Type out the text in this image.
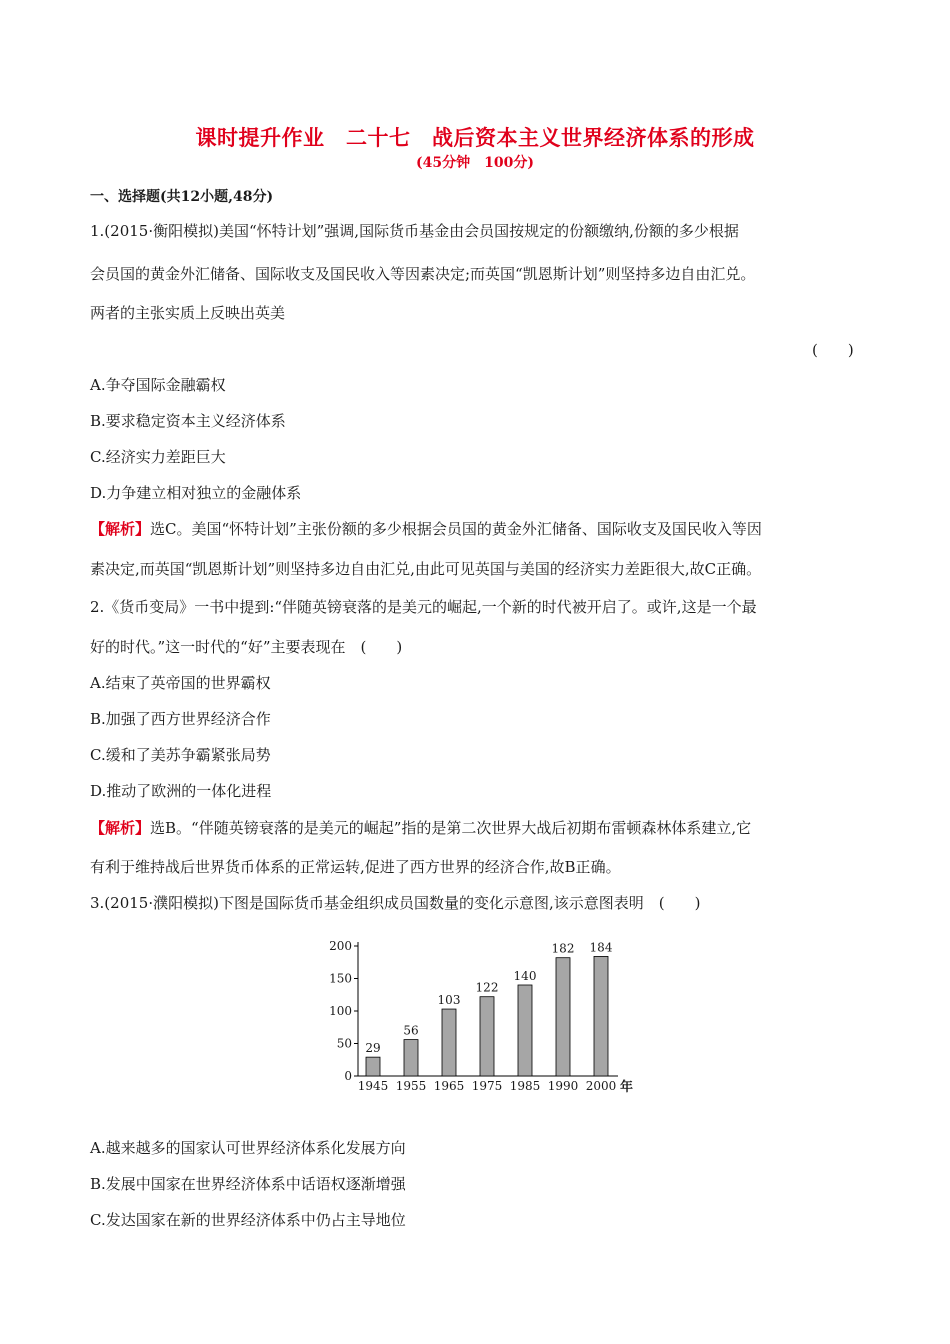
课时提升作业　二十七　战后资本主义世界经济体系的形成
(45分钟　100分)
一、选择题(共12小题,48分)
1.(2015·衡阳模拟)美国“怀特计划”强调,国际货币基金由会员国按规定的份额缴纳,份额的多少根据
会员国的黄金外汇储备、国际收支及国民收入等因素决定;而英国“凯恩斯计划”则坚持多边自由汇兑。
两者的主张实质上反映出英美
(　　)
A.争夺国际金融霸权
B.要求稳定资本主义经济体系
C.经济实力差距巨大
D.力争建立相对独立的金融体系
【解析】选C。美国“怀特计划”主张份额的多少根据会员国的黄金外汇储备、国际收支及国民收入等因
素决定,而英国“凯恩斯计划”则坚持多边自由汇兑,由此可见英国与美国的经济实力差距很大,故C正确。
2.《货币变局》一书中提到:“伴随英镑衰落的是美元的崛起,一个新的时代被开启了。或许,这是一个最
好的时代。”这一时代的“好”主要表现在　(　　)
A.结束了英帝国的世界霸权
B.加强了西方世界经济合作
C.缓和了美苏争霸紧张局势
D.推动了欧洲的一体化进程
【解析】选B。“伴随英镑衰落的是美元的崛起”指的是第二次世界大战后初期布雷顿森林体系建立,它
有利于维持战后世界货币体系的正常运转,促进了西方世界的经济合作,故B正确。
3.(2015·濮阳模拟)下图是国际货币基金组织成员国数量的变化示意图,该示意图表明　(　　)
0
50
100
150
200
29
1945
56
1955
103
1965
122
1975
140
1985
182
1990
184
2000 年
A.越来越多的国家认可世界经济体系化发展方向
B.发展中国家在世界经济体系中话语权逐渐增强
C.发达国家在新的世界经济体系中仍占主导地位
